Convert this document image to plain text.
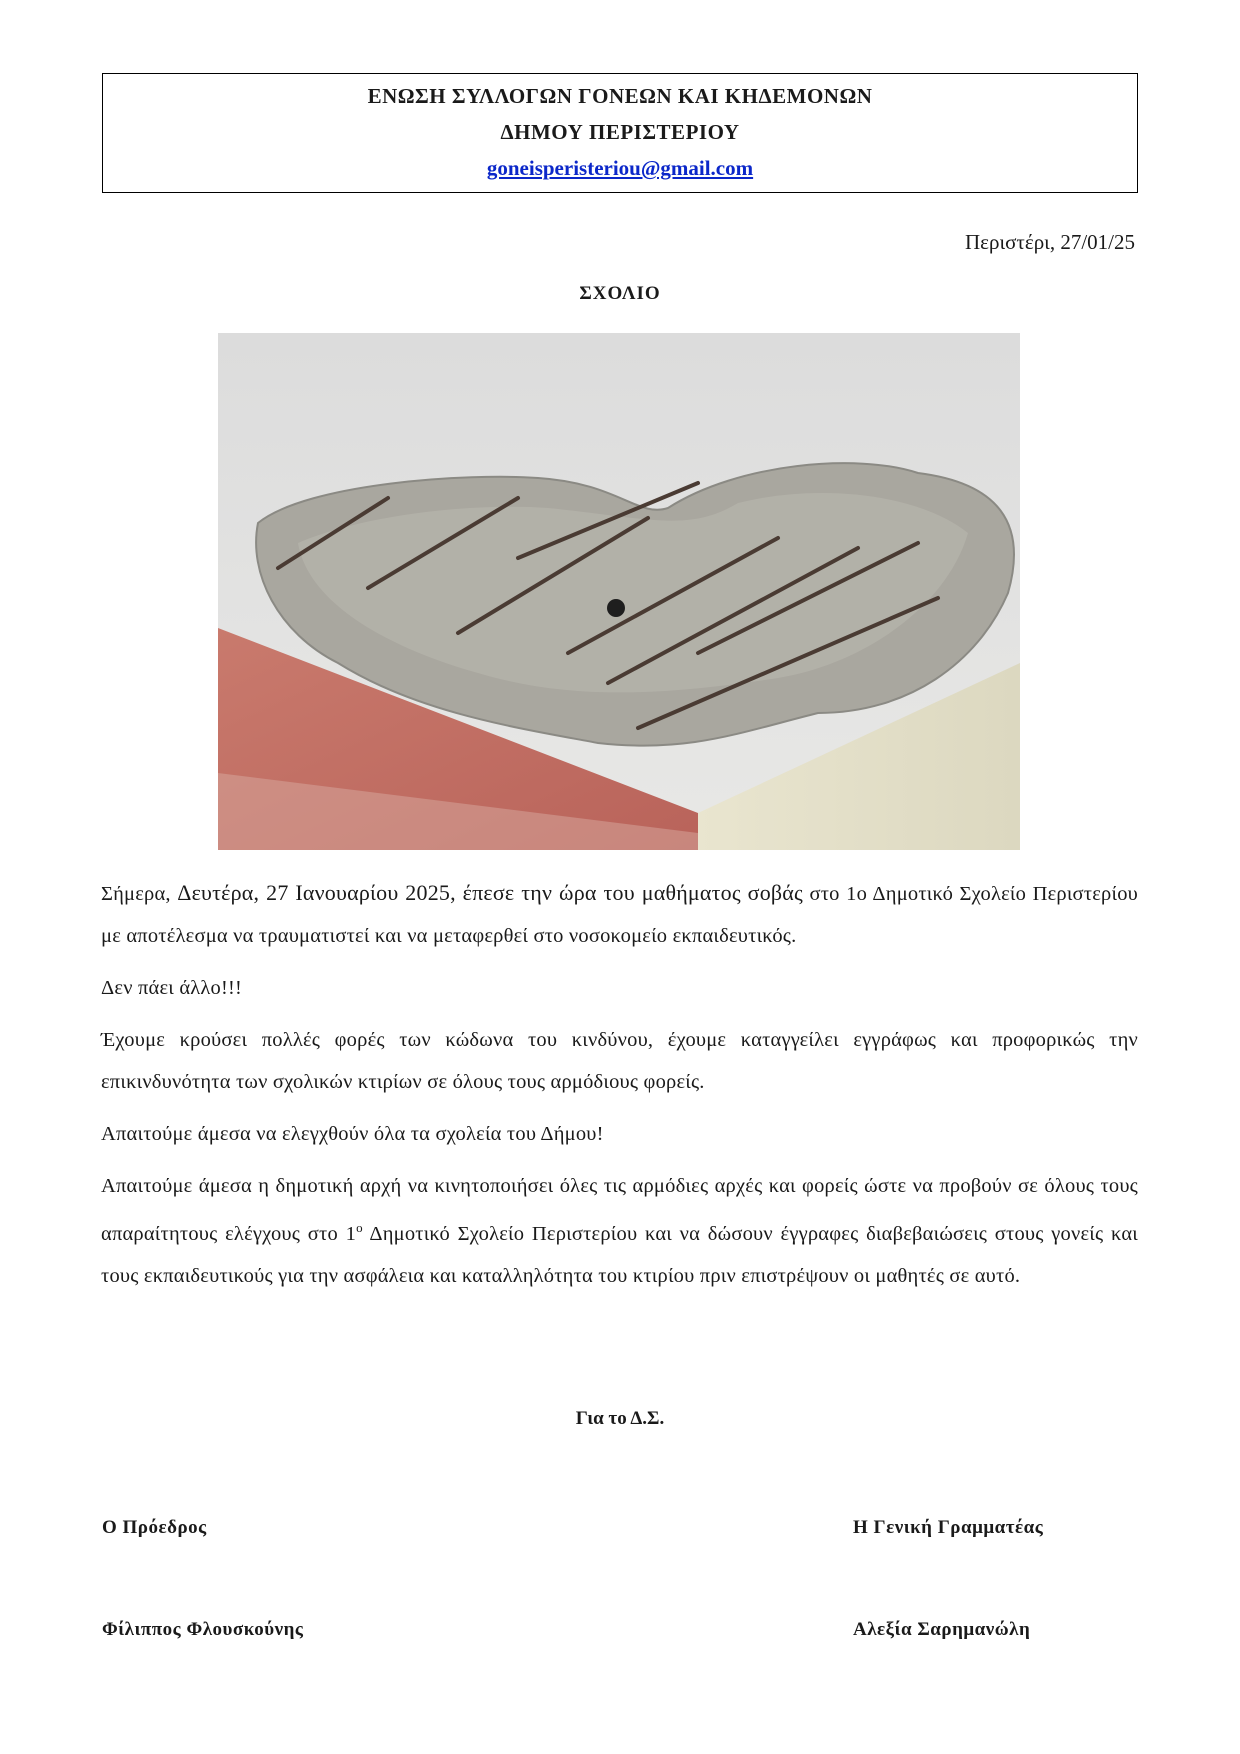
ΕΝΩΣΗ ΣΥΛΛΟΓΩΝ ΓΟΝΕΩΝ ΚΑΙ ΚΗΔΕΜΟΝΩΝ
ΔΗΜΟΥ ΠΕΡΙΣΤΕΡΙΟΥ
goneisperisteriou@gmail.com
Περιστέρι, 27/01/25
ΣΧΟΛΙΟ

Σήμερα, Δευτέρα, 27 Ιανουαρίου 2025, έπεσε την ώρα του μαθήματος σοβάς στο 1ο Δημοτικό Σχολείο Περιστερίου με αποτέλεσμα να τραυματιστεί και να μεταφερθεί στο νοσοκομείο εκπαιδευτικός.

Δεν πάει άλλο!!!

Έχουμε κρούσει πολλές φορές των κώδωνα του κινδύνου, έχουμε καταγγείλει εγγράφως και προφορικώς την επικινδυνότητα των σχολικών κτιρίων σε όλους τους αρμόδιους φορείς.

Απαιτούμε άμεσα να ελεγχθούν όλα τα σχολεία του Δήμου!

Απαιτούμε άμεσα η δημοτική αρχή να κινητοποιήσει όλες τις αρμόδιες αρχές και φορείς ώστε να προβούν σε όλους τους απαραίτητους ελέγχους στο $1^o$ Δημοτικό Σχολείο Περιστερίου και να δώσουν έγγραφες διαβεβαιώσεις στους γονείς και τους εκπαιδευτικούς για την ασφάλεια και καταλληλότητα του κτιρίου πριν επιστρέψουν οι μαθητές σε αυτό.

Για το Δ.Σ.
Ο Πρόεδρος	Η Γενική Γραμματέας
Φίλιππος Φλουσκούνης	Αλεξία Σαρημανώλη
